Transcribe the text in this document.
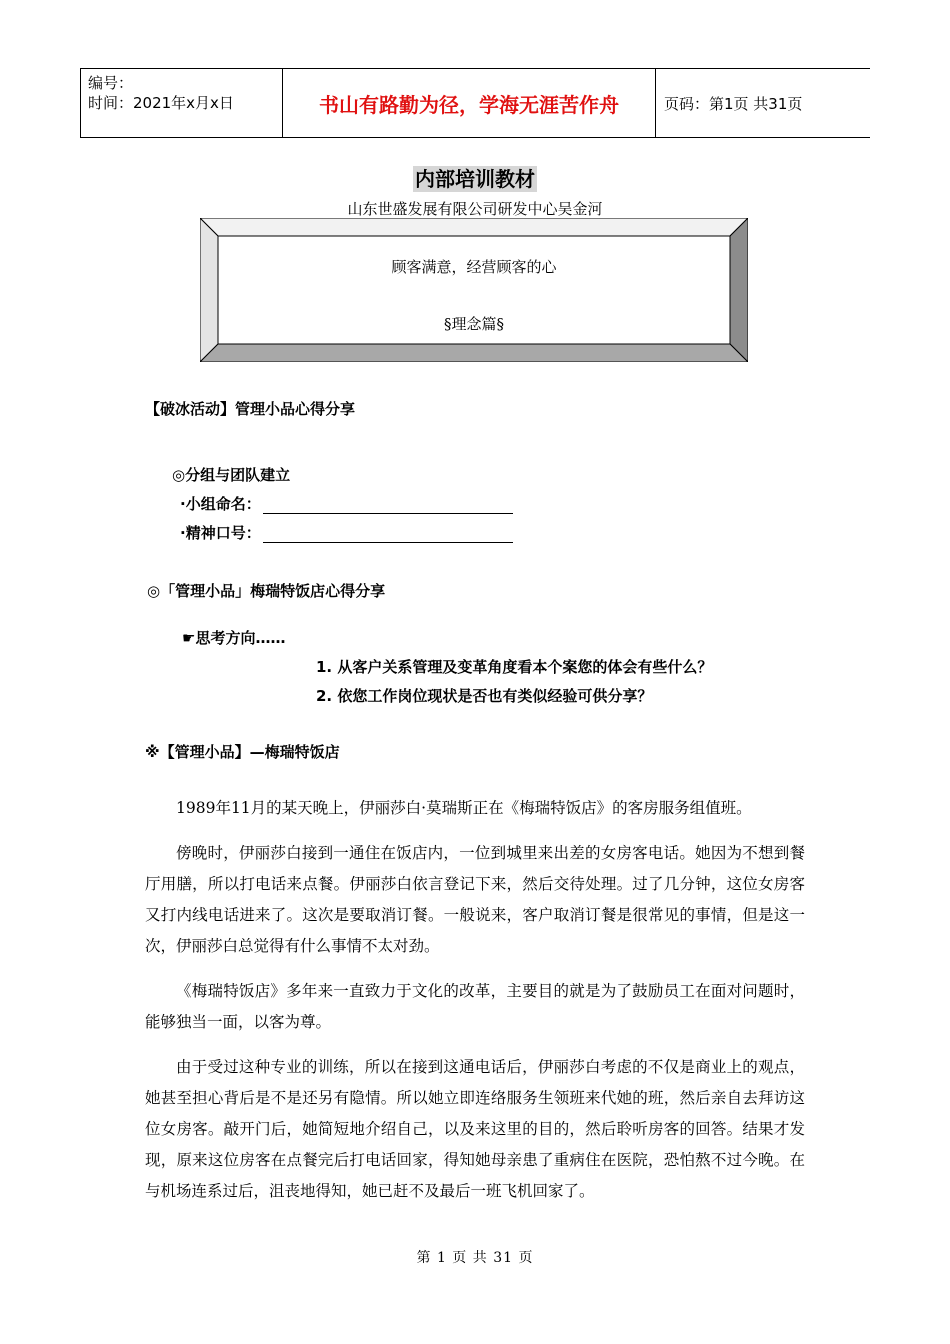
编号：
时间：2021年x月x日	书山有路勤为径，学海无涯苦作舟	页码：第1页 共31页
内部培训教材
山东世盛发展有限公司研发中心吴金河
顾客满意，经营顾客的心
§理念篇§
【破冰活动】管理小品心得分享
◎分组与团队建立
·小组命名：
·精神口号：
◎「管理小品」梅瑞特饭店心得分享
☛思考方向……
1. 从客户关系管理及变革角度看本个案您的体会有些什么？
2. 依您工作岗位现状是否也有类似经验可供分享？
※【管理小品】—梅瑞特饭店

1989年11月的某天晚上，伊丽莎白·莫瑞斯正在《梅瑞特饭店》的客房服务组值班。

傍晚时，伊丽莎白接到一通住在饭店内，一位到城里来出差的女房客电话。她因为不想到餐厅用膳，所以打电话来点餐。伊丽莎白依言登记下来，然后交待处理。过了几分钟，这位女房客又打内线电话进来了。这次是要取消订餐。一般说来，客户取消订餐是很常见的事情，但是这一次，伊丽莎白总觉得有什么事情不太对劲。

《梅瑞特饭店》多年来一直致力于文化的改革，主要目的就是为了鼓励员工在面对问题时，能够独当一面，以客为尊。

由于受过这种专业的训练，所以在接到这通电话后，伊丽莎白考虑的不仅是商业上的观点，她甚至担心背后是不是还另有隐情。所以她立即连络服务生领班来代她的班，然后亲自去拜访这位女房客。敲开门后，她简短地介绍自己，以及来这里的目的，然后聆听房客的回答。结果才发现，原来这位房客在点餐完后打电话回家，得知她母亲患了重病住在医院，恐怕熬不过今晚。在与机场连系过后，沮丧地得知，她已赶不及最后一班飞机回家了。

第 1 页 共 31 页
